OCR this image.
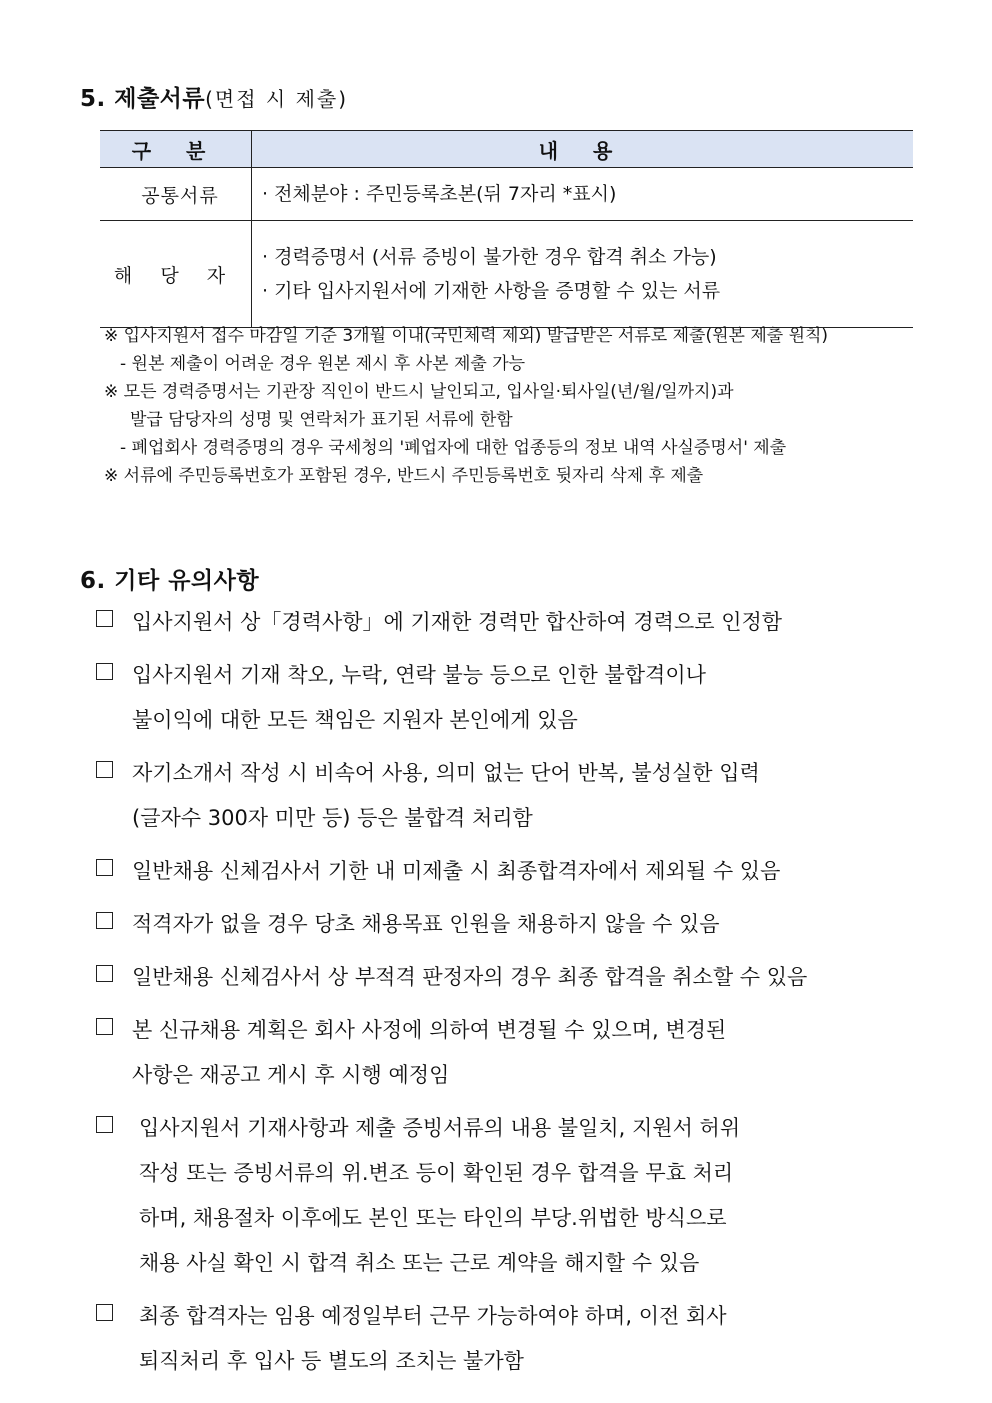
5. 제출서류(면접 시 제출)
구 분	내 용
공통서류	· 전체분야 : 주민등록초본(뒤 7자리 *표시)

해 당 자	· 경력증명서 (서류 증빙이 불가한 경우 합격 취소 가능)
· 기타 입사지원서에 기재한 사항을 증명할 수 있는 서류
※ 입사지원서 접수 마감일 기준 3개월 이내(국민체력 제외) 발급받은 서류로 제출(원본 제출 원칙)
- 원본 제출이 어려운 경우 원본 제시 후 사본 제출 가능
※ 모든 경력증명서는 기관장 직인이 반드시 날인되고, 입사일·퇴사일(년/월/일까지)과
발급 담당자의 성명 및 연락처가 표기된 서류에 한함
- 폐업회사 경력증명의 경우 국세청의 '폐업자에 대한 업종등의 정보 내역 사실증명서' 제출
※ 서류에 주민등록번호가 포함된 경우, 반드시 주민등록번호 뒷자리 삭제 후 제출
6. 기타 유의사항
입사지원서 상「경력사항」에 기재한 경력만 합산하여 경력으로 인정함
입사지원서 기재 착오, 누락, 연락 불능 등으로 인한 불합격이나
불이익에 대한 모든 책임은 지원자 본인에게 있음
자기소개서 작성 시 비속어 사용, 의미 없는 단어 반복, 불성실한 입력
(글자수 300자 미만 등) 등은 불합격 처리함
일반채용 신체검사서 기한 내 미제출 시 최종합격자에서 제외될 수 있음
적격자가 없을 경우 당초 채용목표 인원을 채용하지 않을 수 있음
일반채용 신체검사서 상 부적격 판정자의 경우 최종 합격을 취소할 수 있음
본 신규채용 계획은 회사 사정에 의하여 변경될 수 있으며, 변경된
사항은 재공고 게시 후 시행 예정임
입사지원서 기재사항과 제출 증빙서류의 내용 불일치, 지원서 허위
작성 또는 증빙서류의 위.변조 등이 확인된 경우 합격을 무효 처리
하며, 채용절차 이후에도 본인 또는 타인의 부당.위법한 방식으로
채용 사실 확인 시 합격 취소 또는 근로 계약을 해지할 수 있음
최종 합격자는 임용 예정일부터 근무 가능하여야 하며, 이전 회사
퇴직처리 후 입사 등 별도의 조치는 불가함
